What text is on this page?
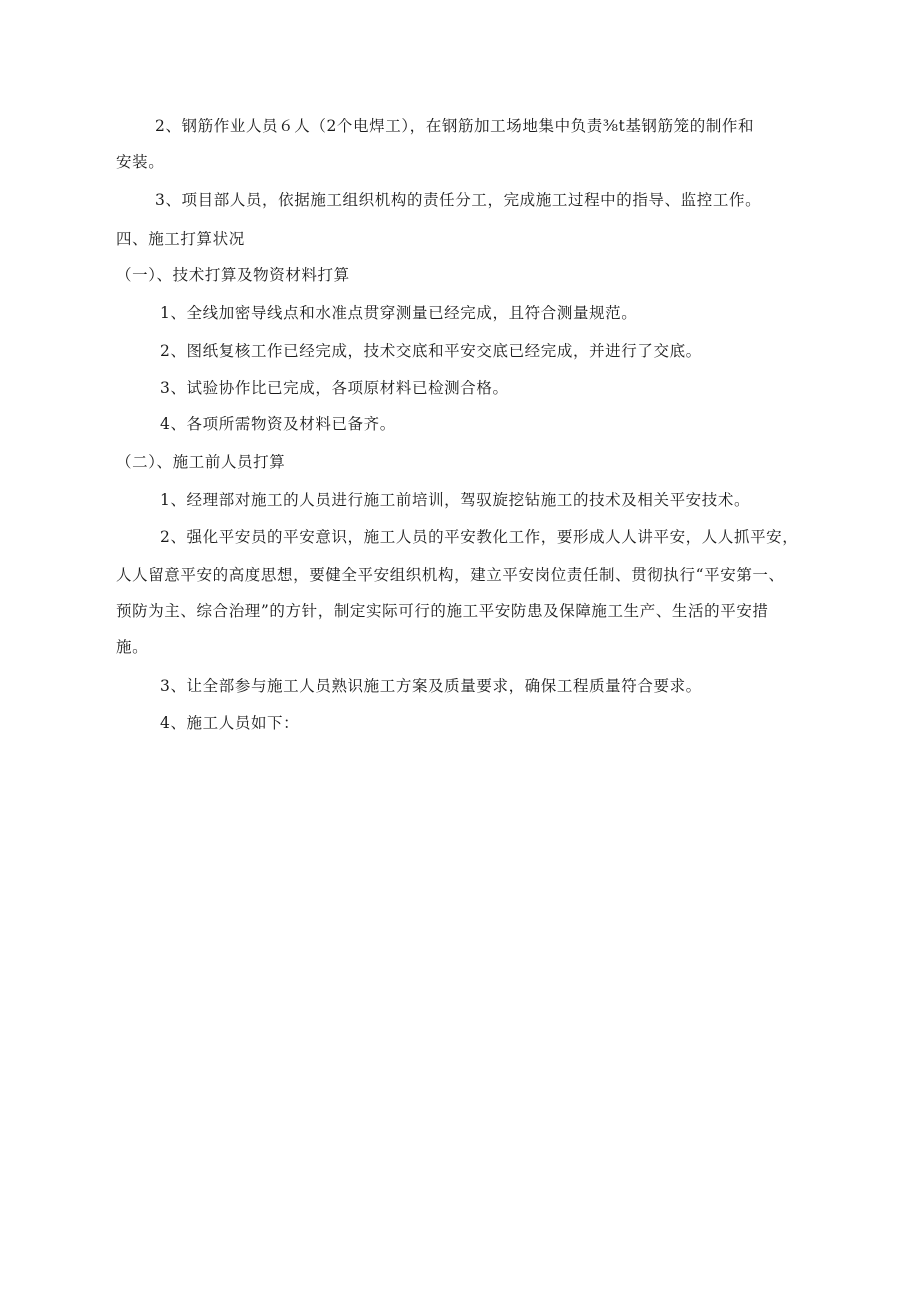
2、钢筋作业人员６人（2个电焊工），在钢筋加工场地集中负责⅜t基钢筋笼的制作和
安装。
3、项目部人员，依据施工组织机构的责任分工，完成施工过程中的指导、监控工作。
四、施工打算状况
（一）、技术打算及物资材料打算
1、全线加密导线点和水准点贯穿测量已经完成，且符合测量规范。
2、图纸复核工作已经完成，技术交底和平安交底已经完成，并进行了交底。
3、试验协作比已完成，各项原材料已检测合格。
4、各项所需物资及材料已备齐。
（二）、施工前人员打算
1、经理部对施工的人员进行施工前培训，驾驭旋挖钻施工的技术及相关平安技术。
2、强化平安员的平安意识，施工人员的平安教化工作，要形成人人讲平安，人人抓平安，
人人留意平安的高度思想，要健全平安组织机构，建立平安岗位责任制、贯彻执行“平安第一、
预防为主、综合治理”的方针，制定实际可行的施工平安防患及保障施工生产、生活的平安措
施。
3、让全部参与施工人员熟识施工方案及质量要求，确保工程质量符合要求。
4、施工人员如下：
